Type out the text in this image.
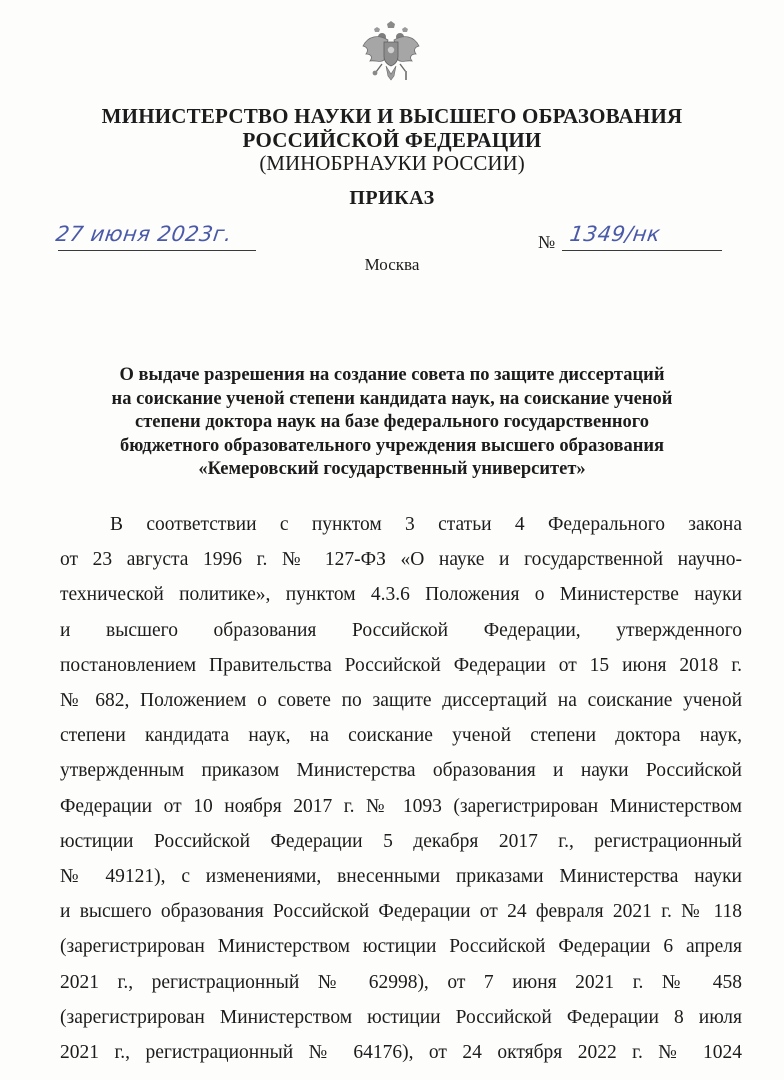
МИНИСТЕРСТВО НАУКИ И ВЫСШЕГО ОБРАЗОВАНИЯ
РОССИЙСКОЙ ФЕДЕРАЦИИ
(МИНОБРНАУКИ РОССИИ)
ПРИКАЗ
27 июня 2023г.	№ 1349/нк
Москва
О выдаче разрешения на создание совета по защите диссертаций
на соискание ученой степени кандидата наук, на соискание ученой
степени доктора наук на базе федерального государственного
бюджетного образовательного учреждения высшего образования
«Кемеровский государственный университет»
В соответствии с пунктом 3 статьи 4 Федерального закона
от 23 августа 1996 г. № 127-ФЗ «О науке и государственной научно-
технической политике», пунктом 4.3.6 Положения о Министерстве науки
и высшего образования Российской Федерации, утвержденного
постановлением Правительства Российской Федерации от 15 июня 2018 г.
№ 682, Положением о совете по защите диссертаций на соискание ученой
степени кандидата наук, на соискание ученой степени доктора наук,
утвержденным приказом Министерства образования и науки Российской
Федерации от 10 ноября 2017 г. № 1093 (зарегистрирован Министерством
юстиции Российской Федерации 5 декабря 2017 г., регистрационный
№ 49121), с изменениями, внесенными приказами Министерства науки
и высшего образования Российской Федерации от 24 февраля 2021 г. № 118
(зарегистрирован Министерством юстиции Российской Федерации 6 апреля
2021 г., регистрационный № 62998), от 7 июня 2021 г. № 458
(зарегистрирован Министерством юстиции Российской Федерации 8 июля
2021 г., регистрационный № 64176), от 24 октября 2022 г. № 1024
